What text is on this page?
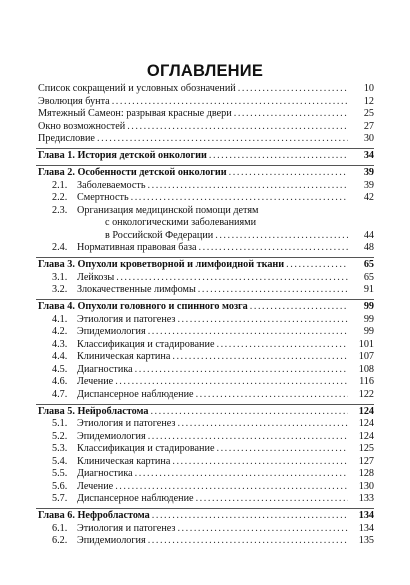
ОГЛАВЛЕНИЕ
Список сокращений и условных обозначений . . .	10
Эволюция бунта . . .	12
Мятежный Самеон: разрывая красные двери . . .	25
Окно возможностей . . .	27
Предисловие . . .	30
Глава 1. История детской онкологии . . .	34
Глава 2. Особенности детской онкологии . . .	39
2.1. Заболеваемость . . .	39
2.2. Смертность . . .	42
2.3. Организация медицинской помощи детям
с онкологическими заболеваниями
в Российской Федерации . . .	44
2.4. Нормативная правовая база . . .	48
Глава 3. Опухоли кроветворной и лимфоидной ткани . . .	65
3.1. Лейкозы . . .	65
3.2. Злокачественные лимфомы . . .	91
Глава 4. Опухоли головного и спинного мозга . . .	99
4.1. Этиология и патогенез . . .	99
4.2. Эпидемиология . . .	99
4.3. Классификация и стадирование . . .	101
4.4. Клиническая картина . . .	107
4.5. Диагностика . . .	108
4.6. Лечение . . .	116
4.7. Диспансерное наблюдение . . .	122
Глава 5. Нейробластома . . .	124
5.1. Этиология и патогенез . . .	124
5.2. Эпидемиология . . .	124
5.3. Классификация и стадирование . . .	125
5.4. Клиническая картина . . .	127
5.5. Диагностика . . .	128
5.6. Лечение . . .	130
5.7. Диспансерное наблюдение . . .	133
Глава 6. Нефробластома . . .	134
6.1. Этиология и патогенез . . .	134
6.2. Эпидемиология . . .	135
